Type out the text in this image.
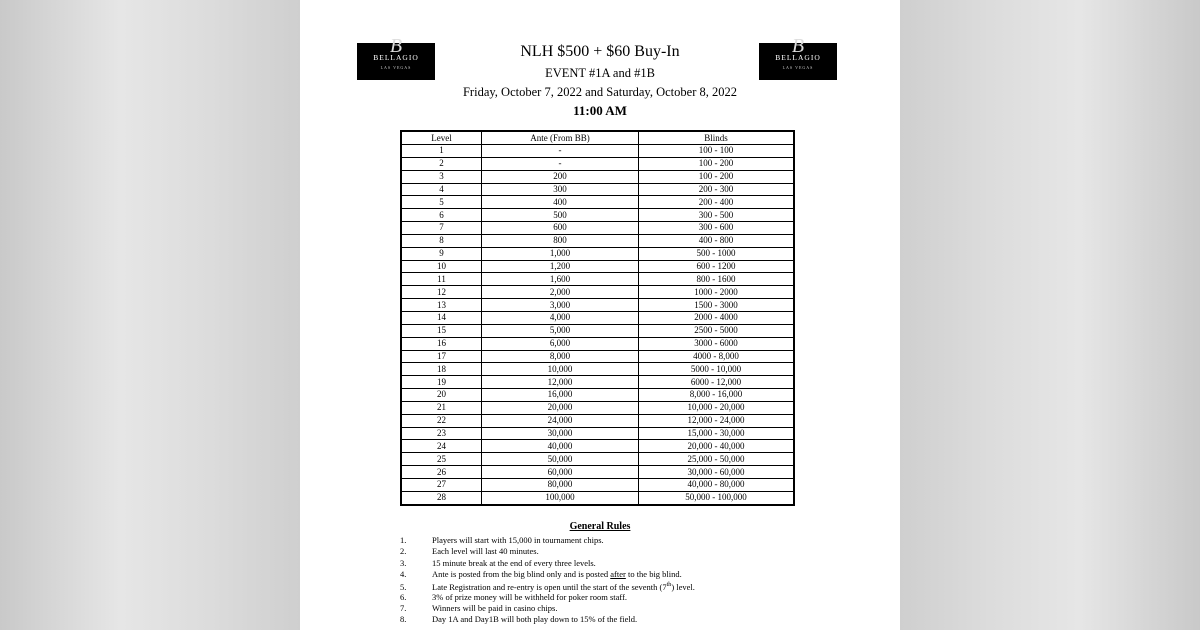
B
BELLAGIO
LAS VEGAS
B
BELLAGIO
LAS VEGAS
NLH $500 + $60 Buy-In
EVENT #1A and #1B
Friday, October 7, 2022 and Saturday, October 8, 2022
11:00 AM
Level	Ante (From BB)	Blinds
1	-	100 - 100
2	-	100 - 200
3	200	100 - 200
4	300	200 - 300
5	400	200 - 400
6	500	300 - 500
7	600	300 - 600
8	800	400 - 800
9	1,000	500 - 1000
10	1,200	600 - 1200
11	1,600	800 - 1600
12	2,000	1000 - 2000
13	3,000	1500 - 3000
14	4,000	2000 - 4000
15	5,000	2500 - 5000
16	6,000	3000 - 6000
17	8,000	4000 - 8,000
18	10,000	5000 - 10,000
19	12,000	6000 - 12,000
20	16,000	8,000 - 16,000
21	20,000	10,000 - 20,000
22	24,000	12,000 - 24,000
23	30,000	15,000 - 30,000
24	40,000	20,000 - 40,000
25	50,000	25,000 - 50,000
26	60,000	30,000 - 60,000
27	80,000	40,000 - 80,000
28	100,000	50,000 - 100,000
General Rules
1.	Players will start with 15,000 in tournament chips.
2.	Each level will last 40 minutes.
3.	15 minute break at the end of every three levels.
4.	Ante is posted from the big blind only and is posted after to the big blind.
5.	Late Registration and re-entry is open until the start of the seventh (7th) level.
6.	3% of prize money will be withheld for poker room staff.
7.	Winners will be paid in casino chips.
8.	Day 1A and Day1B will both play down to 15% of the field.
